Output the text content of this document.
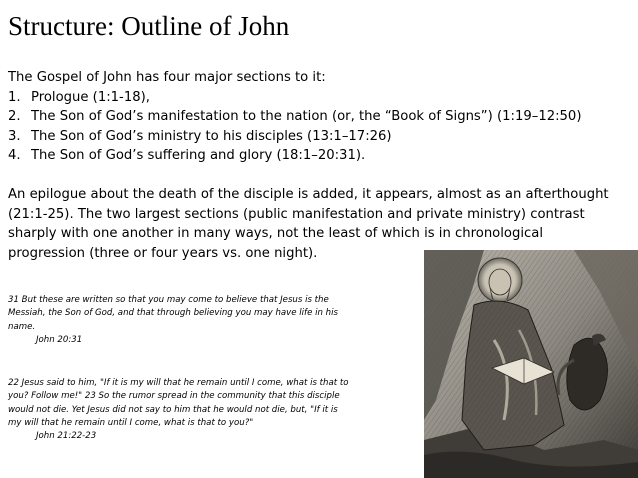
Structure: Outline of John
The Gospel of John has four major sections to it:
1. Prologue (1:1-18),
2. The Son of God’s manifestation to the nation (or, the “Book of Signs”) (1:19–12:50)
3. The Son of God’s ministry to his disciples (13:1–17:26)
4. The Son of God’s suffering and glory (18:1–20:31).
An epilogue about the death of the disciple is added, it appears, almost as an afterthought
(21:1-25). The two largest sections (public manifestation and private ministry) contrast
sharply with one another in many ways, not the least of which is in chronological
progression (three or four years vs. one night).
31 But these are written so that you may come to believe that Jesus is the
Messiah, the Son of God, and that through believing you may have life in his
name.
John 20:31
22 Jesus said to him, "If it is my will that he remain until I come, what is that to
you? Follow me!" 23 So the rumor spread in the community that this disciple
would not die. Yet Jesus did not say to him that he would not die, but, "If it is
my will that he remain until I come, what is that to you?"
John 21:22-23
